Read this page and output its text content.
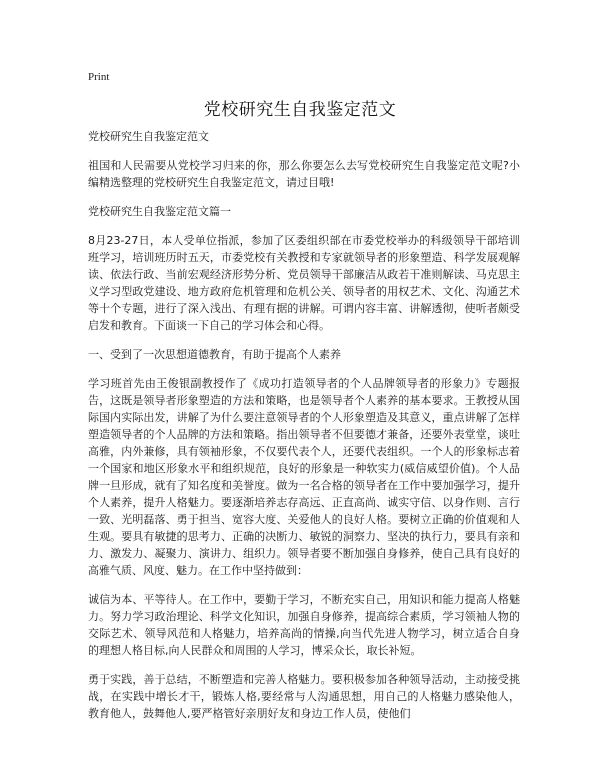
Print
党校研究生自我鉴定范文

党校研究生自我鉴定范文

祖国和人民需要从党校学习归来的你，那么你要怎么去写党校研究生自我鉴定范文呢?小编精选整理的党校研究生自我鉴定范文，请过目哦!

党校研究生自我鉴定范文篇一

8月23-27日，本人受单位指派，参加了区委组织部在市委党校举办的科级领导干部培训班学习，培训班历时五天，市委党校有关教授和专家就领导者的形象塑造、科学发展观解读、依法行政、当前宏观经济形势分析、党员领导干部廉洁从政若干准则解读、马克思主义学习型政党建设、地方政府危机管理和危机公关、领导者的用权艺术、文化、沟通艺术等十个专题，进行了深入浅出、有理有据的讲解。可谓内容丰富、讲解透彻，使听者颇受启发和教育。下面谈一下自己的学习体会和心得。

一、受到了一次思想道德教育，有助于提高个人素养

学习班首先由王俊银副教授作了《成功打造领导者的个人品牌领导者的形象力》专题报告，这既是领导者形象塑造的方法和策略，也是领导者个人素养的基本要求。王教授从国际国内实际出发，讲解了为什么要注意领导者的个人形象塑造及其意义，重点讲解了怎样塑造领导者的个人品牌的方法和策略。指出领导者不但要德才兼备，还要外表堂堂，谈吐高雅，内外兼修，具有领袖形象，不仅要代表个人，还要代表组织。一个人的形象标志着一个国家和地区形象水平和组织规范，良好的形象是一种软实力(威信威望价值)。个人品牌一旦形成，就有了知名度和美誉度。做为一名合格的领导者在工作中要加强学习，提升个人素养，提升人格魅力。要逐渐培养志存高远、正直高尚、诚实守信、以身作则、言行一致、光明磊落、勇于担当、宽容大度、关爱他人的良好人格。要树立正确的价值观和人生观。要具有敏捷的思考力、正确的决断力、敏锐的洞察力、坚决的执行力，要具有亲和力、激发力、凝聚力、演讲力、组织力。领导者要不断加强自身修养，使自己具有良好的高雅气质、风度、魅力。在工作中坚持做到：

诚信为本、平等待人。在工作中，要勤于学习，不断充实自己，用知识和能力提高人格魅力。努力学习政治理论、科学文化知识，加强自身修养，提高综合素质，学习领袖人物的交际艺术、领导风范和人格魅力，培养高尚的情操,向当代先进人物学习，树立适合自身的理想人格目标,向人民群众和周围的人学习，博采众长，取长补短。

勇于实践，善于总结，不断塑造和完善人格魅力。要积极参加各种领导活动，主动接受挑战，在实践中增长才干，锻炼人格,要经常与人沟通思想，用自己的人格魅力感染他人，教育他人，鼓舞他人,要严格管好亲朋好友和身边工作人员，使他们
